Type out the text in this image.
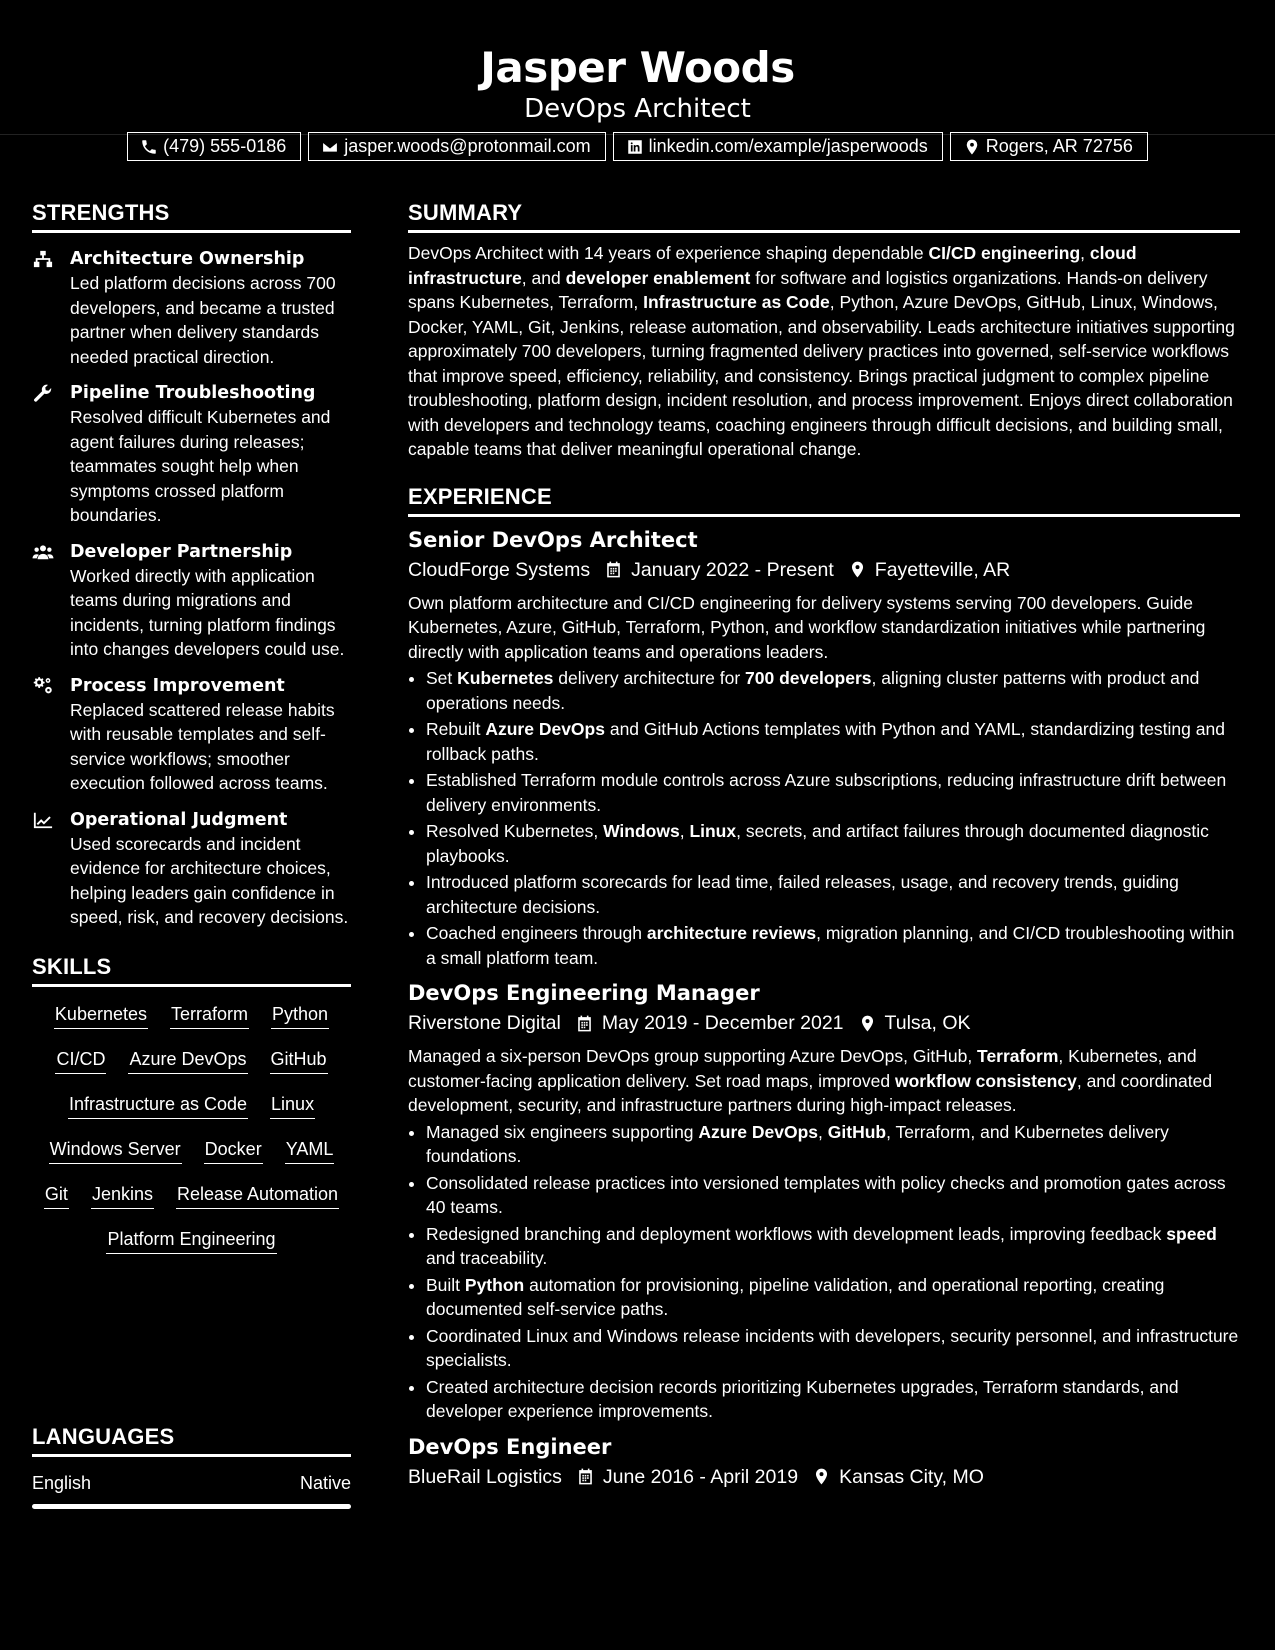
Jasper Woods
DevOps Architect
(479) 555-0186	jasper.woods@protonmail.com	linkedin.com/example/jasperwoods	Rogers, AR 72756
STRENGTHS
Architecture Ownership
Led platform decisions across 700 developers, and became a trusted partner when delivery standards needed practical direction.
Pipeline Troubleshooting
Resolved difficult Kubernetes and agent failures during releases; teammates sought help when symptoms crossed platform boundaries.
Developer Partnership
Worked directly with application teams during migrations and incidents, turning platform findings into changes developers could use.
Process Improvement
Replaced scattered release habits with reusable templates and self-service workflows; smoother execution followed across teams.
Operational Judgment
Used scorecards and incident evidence for architecture choices, helping leaders gain confidence in speed, risk, and recovery decisions.
SKILLS
Kubernetes Terraform Python
CI/CD Azure DevOps GitHub
Infrastructure as Code Linux
Windows Server Docker YAML
Git Jenkins Release Automation
Platform Engineering
LANGUAGES
English	Native
SUMMARY
DevOps Architect with 14 years of experience shaping dependable CI/CD engineering, cloud infrastructure, and developer enablement for software and logistics organizations. Hands-on delivery spans Kubernetes, Terraform, Infrastructure as Code, Python, Azure DevOps, GitHub, Linux, Windows, Docker, YAML, Git, Jenkins, release automation, and observability. Leads architecture initiatives supporting approximately 700 developers, turning fragmented delivery practices into governed, self-service workflows that improve speed, efficiency, reliability, and consistency. Brings practical judgment to complex pipeline troubleshooting, platform design, incident resolution, and process improvement. Enjoys direct collaboration with developers and technology teams, coaching engineers through difficult decisions, and building small, capable teams that deliver meaningful operational change.
EXPERIENCE
Senior DevOps Architect
CloudForge Systems January 2022 - Present Fayetteville, AR
Own platform architecture and CI/CD engineering for delivery systems serving 700 developers. Guide Kubernetes, Azure, GitHub, Terraform, Python, and workflow standardization initiatives while partnering directly with application teams and operations leaders.
• Set Kubernetes delivery architecture for 700 developers, aligning cluster patterns with product and operations needs.
• Rebuilt Azure DevOps and GitHub Actions templates with Python and YAML, standardizing testing and rollback paths.
• Established Terraform module controls across Azure subscriptions, reducing infrastructure drift between delivery environments.
• Resolved Kubernetes, Windows, Linux, secrets, and artifact failures through documented diagnostic playbooks.
• Introduced platform scorecards for lead time, failed releases, usage, and recovery trends, guiding architecture decisions.
• Coached engineers through architecture reviews, migration planning, and CI/CD troubleshooting within a small platform team.
DevOps Engineering Manager
Riverstone Digital May 2019 - December 2021 Tulsa, OK
Managed a six-person DevOps group supporting Azure DevOps, GitHub, Terraform, Kubernetes, and customer-facing application delivery. Set road maps, improved workflow consistency, and coordinated development, security, and infrastructure partners during high-impact releases.
• Managed six engineers supporting Azure DevOps, GitHub, Terraform, and Kubernetes delivery foundations.
• Consolidated release practices into versioned templates with policy checks and promotion gates across 40 teams.
• Redesigned branching and deployment workflows with development leads, improving feedback speed and traceability.
• Built Python automation for provisioning, pipeline validation, and operational reporting, creating documented self-service paths.
• Coordinated Linux and Windows release incidents with developers, security personnel, and infrastructure specialists.
• Created architecture decision records prioritizing Kubernetes upgrades, Terraform standards, and developer experience improvements.
DevOps Engineer
BlueRail Logistics June 2016 - April 2019 Kansas City, MO
